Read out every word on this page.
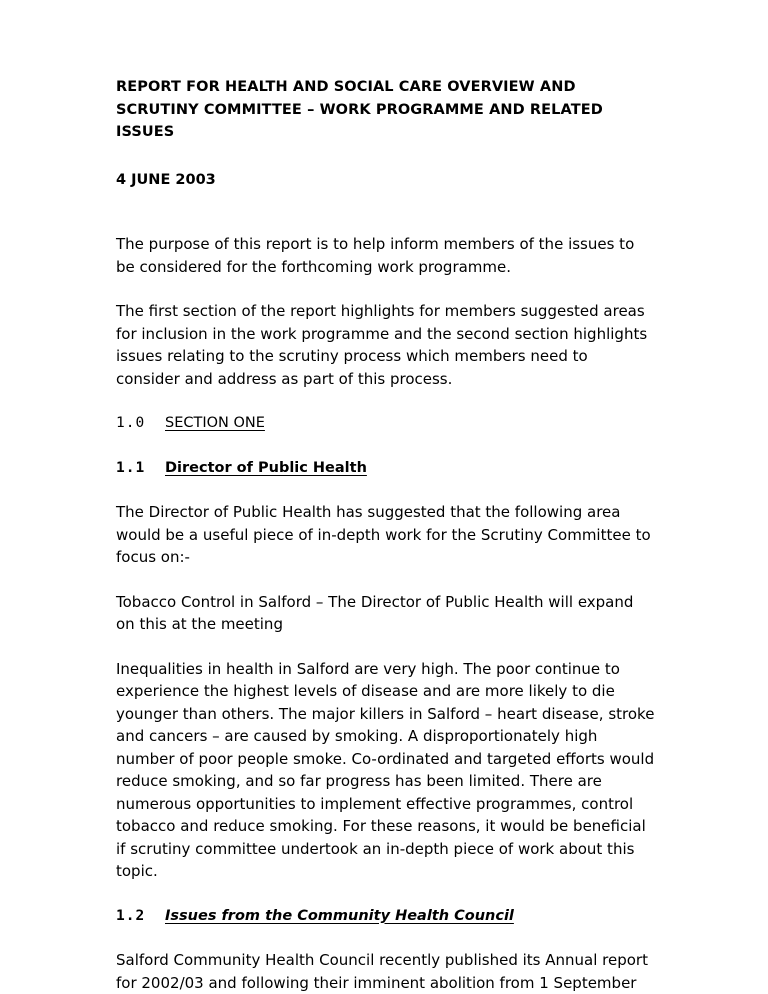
REPORT FOR HEALTH AND SOCIAL CARE OVERVIEW AND
SCRUTINY COMMITTEE – WORK PROGRAMME AND RELATED
ISSUES

4 JUNE 2003

The purpose of this report is to help inform members of the issues to be considered for the forthcoming work programme.

The first section of the report highlights for members suggested areas for inclusion in the work programme and the second section highlights issues relating to the scrutiny process which members need to consider and address as part of this process.

1.0	SECTION ONE
1.1	Director of Public Health

The Director of Public Health has suggested that the following area would be a useful piece of in-depth work for the Scrutiny Committee to focus on:-

Tobacco Control in Salford – The Director of Public Health will expand on this at the meeting

Inequalities in health in Salford are very high. The poor continue to experience the highest levels of disease and are more likely to die younger than others. The major killers in Salford – heart disease, stroke and cancers – are caused by smoking. A disproportionately high number of poor people smoke. Co-ordinated and targeted efforts would reduce smoking, and so far progress has been limited. There are numerous opportunities to implement effective programmes, control tobacco and reduce smoking. For these reasons, it would be beneficial if scrutiny committee undertook an in-depth piece of work about this topic.

1.2	Issues from the Community Health Council

Salford Community Health Council recently published its Annual report for 2002/03 and following their imminent abolition from 1 September
